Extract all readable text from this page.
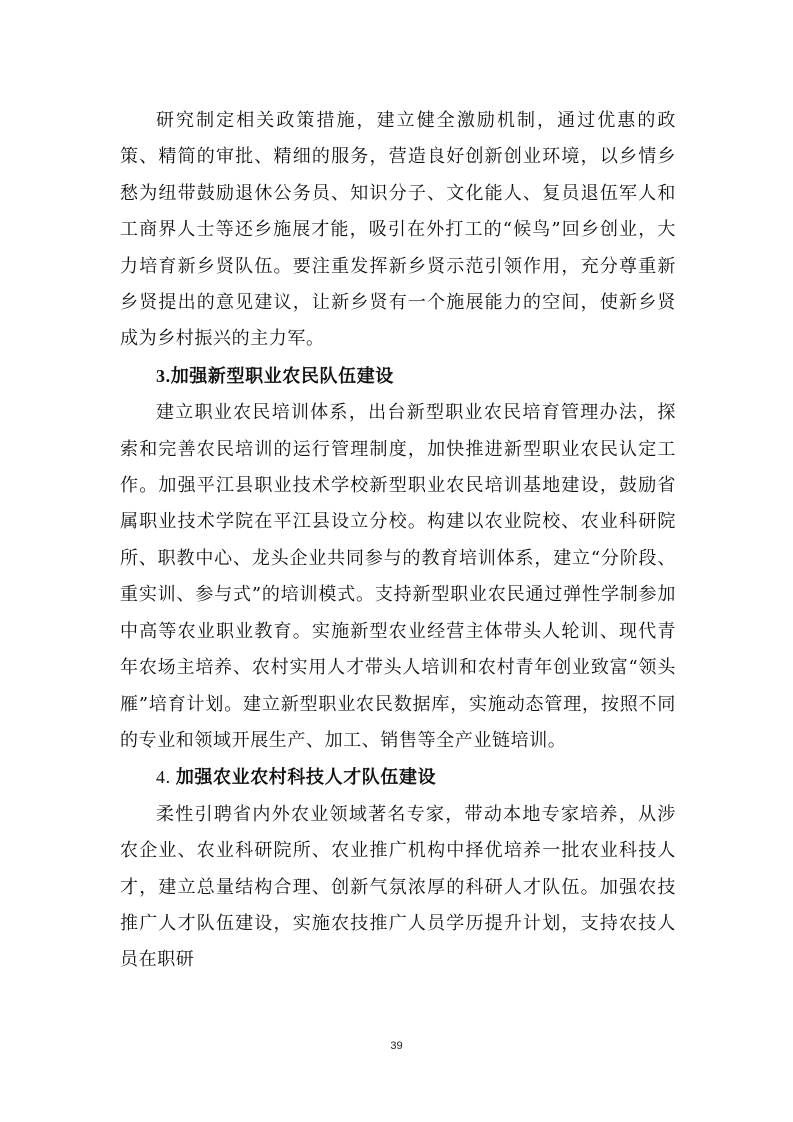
研究制定相关政策措施，建立健全激励机制，通过优惠的政策、精简的审批、精细的服务，营造良好创新创业环境，以乡情乡愁为纽带鼓励退休公务员、知识分子、文化能人、复员退伍军人和工商界人士等还乡施展才能，吸引在外打工的“候鸟”回乡创业，大力培育新乡贤队伍。要注重发挥新乡贤示范引领作用，充分尊重新乡贤提出的意见建议，让新乡贤有一个施展能力的空间，使新乡贤成为乡村振兴的主力军。

3.加强新型职业农民队伍建设

建立职业农民培训体系，出台新型职业农民培育管理办法，探索和完善农民培训的运行管理制度，加快推进新型职业农民认定工作。加强平江县职业技术学校新型职业农民培训基地建设，鼓励省属职业技术学院在平江县设立分校。构建以农业院校、农业科研院所、职教中心、龙头企业共同参与的教育培训体系，建立“分阶段、重实训、参与式”的培训模式。支持新型职业农民通过弹性学制参加中高等农业职业教育。实施新型农业经营主体带头人轮训、现代青年农场主培养、农村实用人才带头人培训和农村青年创业致富“领头雁”培育计划。建立新型职业农民数据库，实施动态管理，按照不同的专业和领域开展生产、加工、销售等全产业链培训。

4. 加强农业农村科技人才队伍建设

柔性引聘省内外农业领域著名专家，带动本地专家培养，从涉农企业、农业科研院所、农业推广机构中择优培养一批农业科技人才，建立总量结构合理、创新气氛浓厚的科研人才队伍。加强农技推广人才队伍建设，实施农技推广人员学历提升计划，支持农技人员在职研

39
